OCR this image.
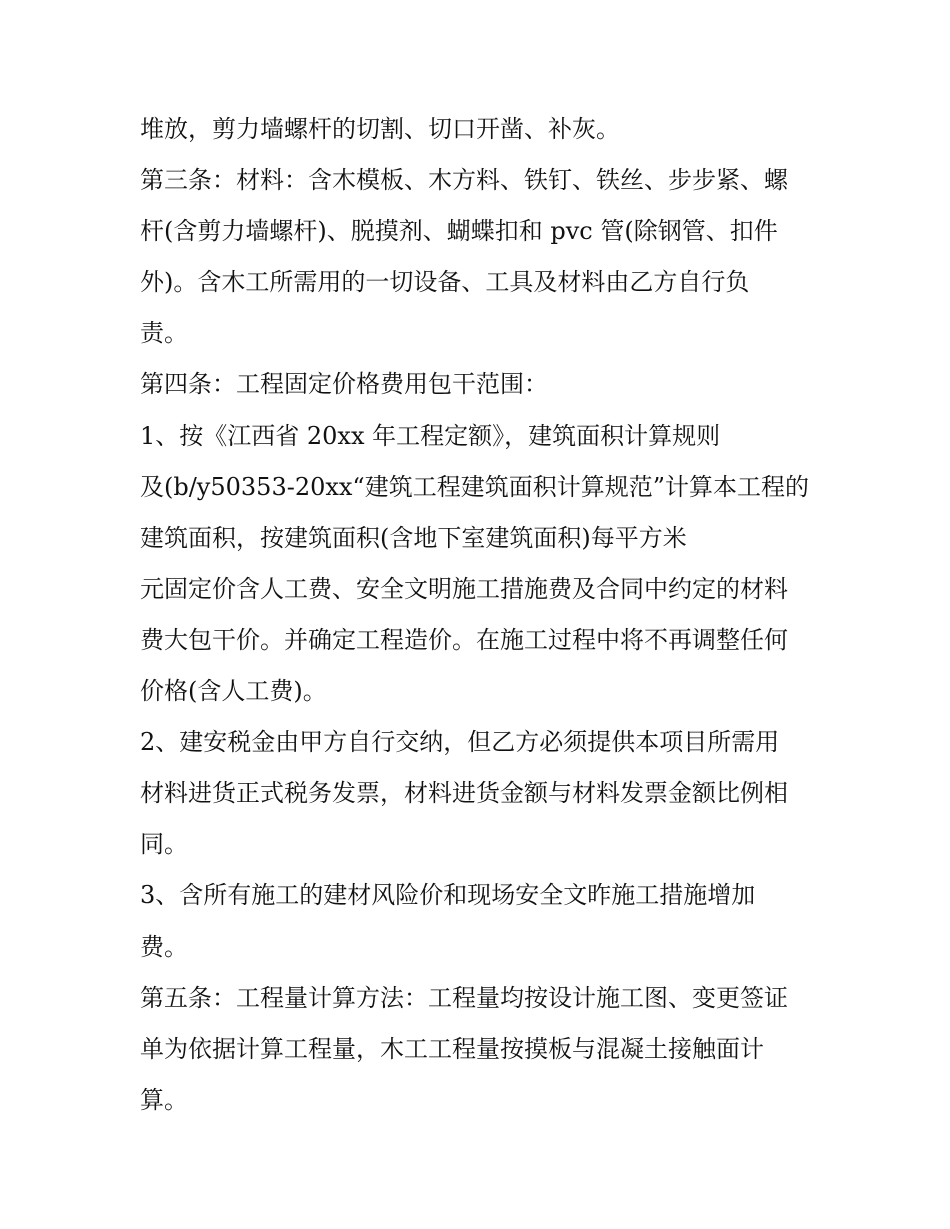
堆放，剪力墙螺杆的切割、切口开凿、补灰。
第三条：材料：含木模板、木方料、铁钉、铁丝、步步紧、螺
杆(含剪力墙螺杆)、脱摸剂、蝴蝶扣和 pvc 管(除钢管、扣件
外)。含木工所需用的一切设备、工具及材料由乙方自行负
责。
第四条：工程固定价格费用包干范围：
1、按《江西省 20xx 年工程定额》，建筑面积计算规则
及(b/y50353-20xx“建筑工程建筑面积计算规范”计算本工程的
建筑面积，按建筑面积(含地下室建筑面积)每平方米
元固定价含人工费、安全文明施工措施费及合同中约定的材料
费大包干价。并确定工程造价。在施工过程中将不再调整任何
价格(含人工费)。
2、建安税金由甲方自行交纳，但乙方必须提供本项目所需用
材料进货正式税务发票，材料进货金额与材料发票金额比例相
同。
3、含所有施工的建材风险价和现场安全文昨施工措施增加
费。
第五条：工程量计算方法：工程量均按设计施工图、变更签证
单为依据计算工程量，木工工程量按摸板与混凝土接触面计
算。
